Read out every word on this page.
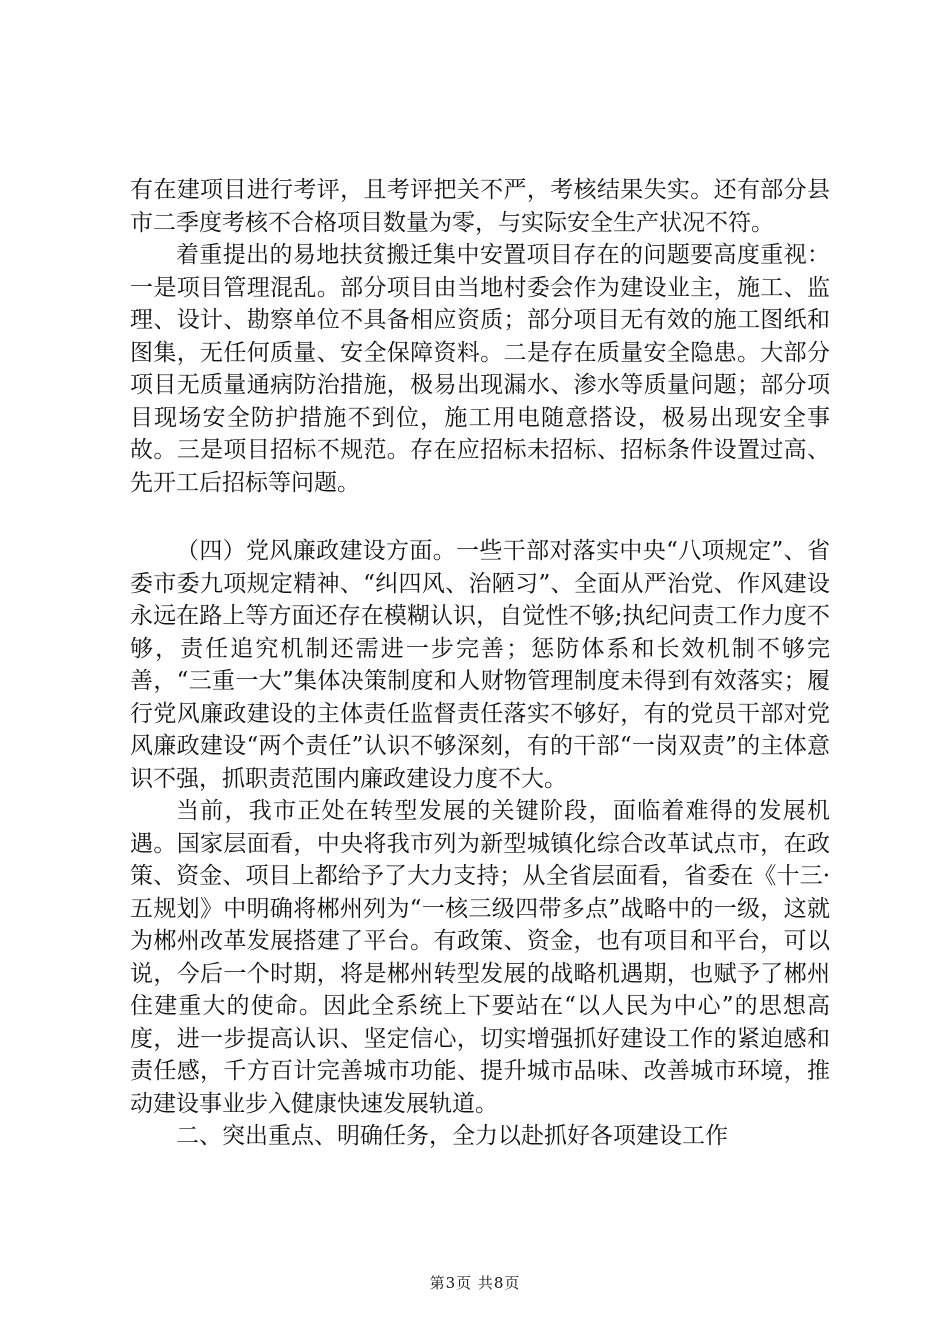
有在建项目进行考评，且考评把关不严，考核结果失实。还有部分县市二季度考核不合格项目数量为零，与实际安全生产状况不符。

着重提出的易地扶贫搬迁集中安置项目存在的问题要高度重视：一是项目管理混乱。部分项目由当地村委会作为建设业主，施工、监理、设计、勘察单位不具备相应资质；部分项目无有效的施工图纸和图集，无任何质量、安全保障资料。二是存在质量安全隐患。大部分项目无质量通病防治措施，极易出现漏水、渗水等质量问题；部分项目现场安全防护措施不到位，施工用电随意搭设，极易出现安全事故。三是项目招标不规范。存在应招标未招标、招标条件设置过高、先开工后招标等问题。

（四）党风廉政建设方面。一些干部对落实中央“八项规定”、省委市委九项规定精神、“纠四风、治陋习”、全面从严治党、作风建设永远在路上等方面还存在模糊认识，自觉性不够;执纪问责工作力度不够，责任追究机制还需进一步完善；惩防体系和长效机制不够完善，“三重一大”集体决策制度和人财物管理制度未得到有效落实；履行党风廉政建设的主体责任监督责任落实不够好，有的党员干部对党风廉政建设“两个责任”认识不够深刻，有的干部“一岗双责”的主体意识不强，抓职责范围内廉政建设力度不大。

当前，我市正处在转型发展的关键阶段，面临着难得的发展机遇。国家层面看，中央将我市列为新型城镇化综合改革试点市，在政策、资金、项目上都给予了大力支持；从全省层面看，省委在《十三·五规划》中明确将郴州列为“一核三级四带多点”战略中的一级，这就为郴州改革发展搭建了平台。有政策、资金，也有项目和平台，可以说，今后一个时期，将是郴州转型发展的战略机遇期，也赋予了郴州住建重大的使命。因此全系统上下要站在“以人民为中心”的思想高度，进一步提高认识、坚定信心，切实增强抓好建设工作的紧迫感和责任感，千方百计完善城市功能、提升城市品味、改善城市环境，推动建设事业步入健康快速发展轨道。

二、突出重点、明确任务，全力以赴抓好各项建设工作

第3页 共8页
